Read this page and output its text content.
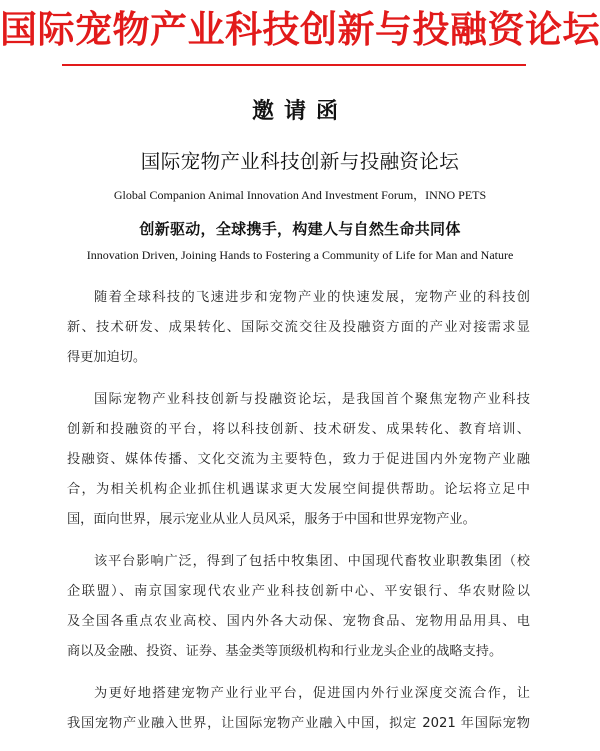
国际宠物产业科技创新与投融资论坛
邀请函
国际宠物产业科技创新与投融资论坛
Global Companion Animal Innovation And Investment Forum，INNO PETS
创新驱动，全球携手，构建人与自然生命共同体
Innovation Driven, Joining Hands to Fostering a Community of Life for Man and Nature

随着全球科技的飞速进步和宠物产业的快速发展，宠物产业的科技创
新、技术研发、成果转化、国际交流交往及投融资方面的产业对接需求显
得更加迫切。

国际宠物产业科技创新与投融资论坛，是我国首个聚焦宠物产业科技
创新和投融资的平台，将以科技创新、技术研发、成果转化、教育培训、
投融资、媒体传播、文化交流为主要特色，致力于促进国内外宠物产业融
合，为相关机构企业抓住机遇谋求更大发展空间提供帮助。论坛将立足中
国，面向世界，展示宠业从业人员风采，服务于中国和世界宠物产业。

该平台影响广泛，得到了包括中牧集团、中国现代畜牧业职教集团（校
企联盟）、南京国家现代农业产业科技创新中心、平安银行、华农财险以
及全国各重点农业高校、国内外各大动保、宠物食品、宠物用品用具、电
商以及金融、投资、证券、基金类等顶级机构和行业龙头企业的战略支持。

为更好地搭建宠物产业行业平台，促进国内外行业深度交流合作，让
我国宠物产业融入世界，让国际宠物产业融入中国，拟定 2021 年国际宠物
